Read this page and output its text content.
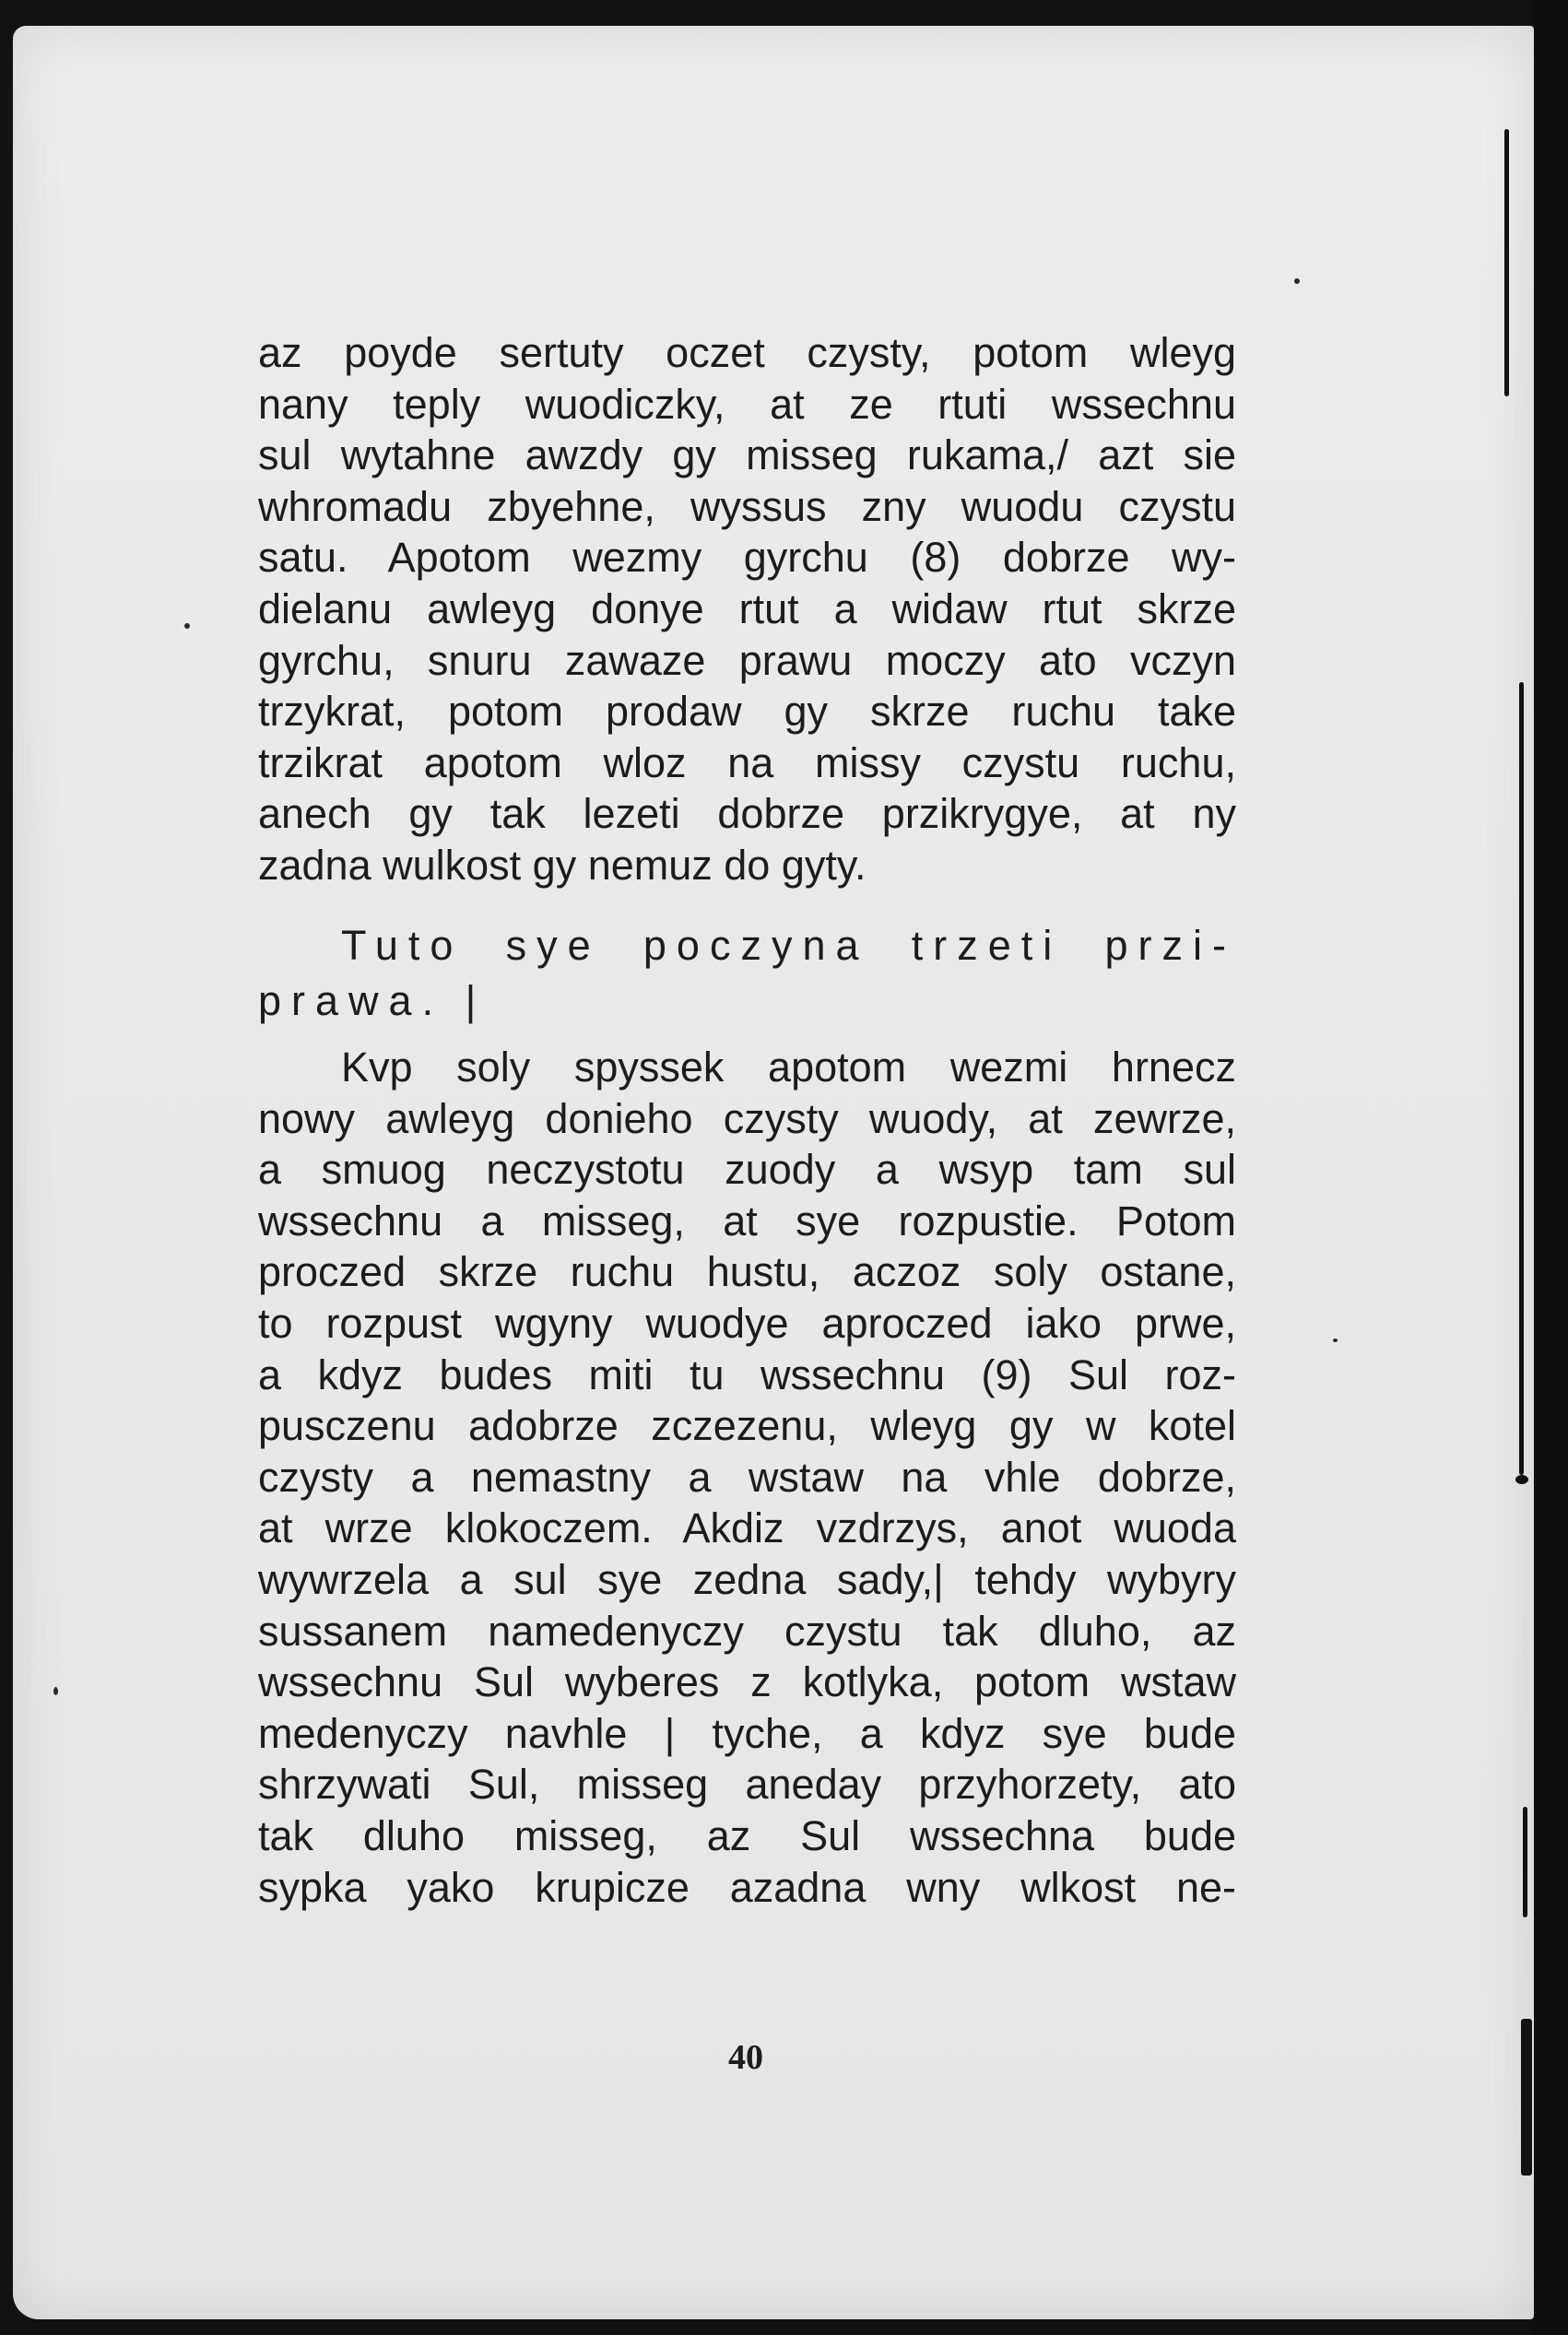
az poyde sertuty oczet czysty, potom wleyg
nany teply wuodiczky, at ze rtuti wssechnu
sul wytahne awzdy gy misseg rukama,/ azt sie
whromadu zbyehne, wyssus zny wuodu czystu
satu. Apotom wezmy gyrchu (8) dobrze wy-
dielanu awleyg donye rtut a widaw rtut skrze
gyrchu, snuru zawaze prawu moczy ato vczyn
trzykrat, potom prodaw gy skrze ruchu take
trzikrat apotom wloz na missy czystu ruchu,
anech gy tak lezeti dobrze przikrygye, at ny
zadna wulkost gy nemuz do gyty.

Tuto sye poczyna trzeti przi-
prawa. |

Kvp soly spyssek apotom wezmi hrnecz
nowy awleyg donieho czysty wuody, at zewrze,
a smuog neczystotu zuody a wsyp tam sul
wssechnu a misseg, at sye rozpustie. Potom
proczed skrze ruchu hustu, aczoz soly ostane,
to rozpust wgyny wuodye aproczed iako prwe,
a kdyz budes miti tu wssechnu (9) Sul roz-
pusczenu adobrze zczezenu, wleyg gy w kotel
czysty a nemastny a wstaw na vhle dobrze,
at wrze klokoczem. Akdiz vzdrzys, anot wuoda
wywrzela a sul sye zedna sady,| tehdy wybyry
sussanem namedenyczy czystu tak dluho, az
wssechnu Sul wyberes z kotlyka, potom wstaw
medenyczy navhle | tyche, a kdyz sye bude
shrzywati Sul, misseg aneday przyhorzety, ato
tak dluho misseg, az Sul wssechna bude
sypka yako krupicze azadna wny wlkost ne-

40
